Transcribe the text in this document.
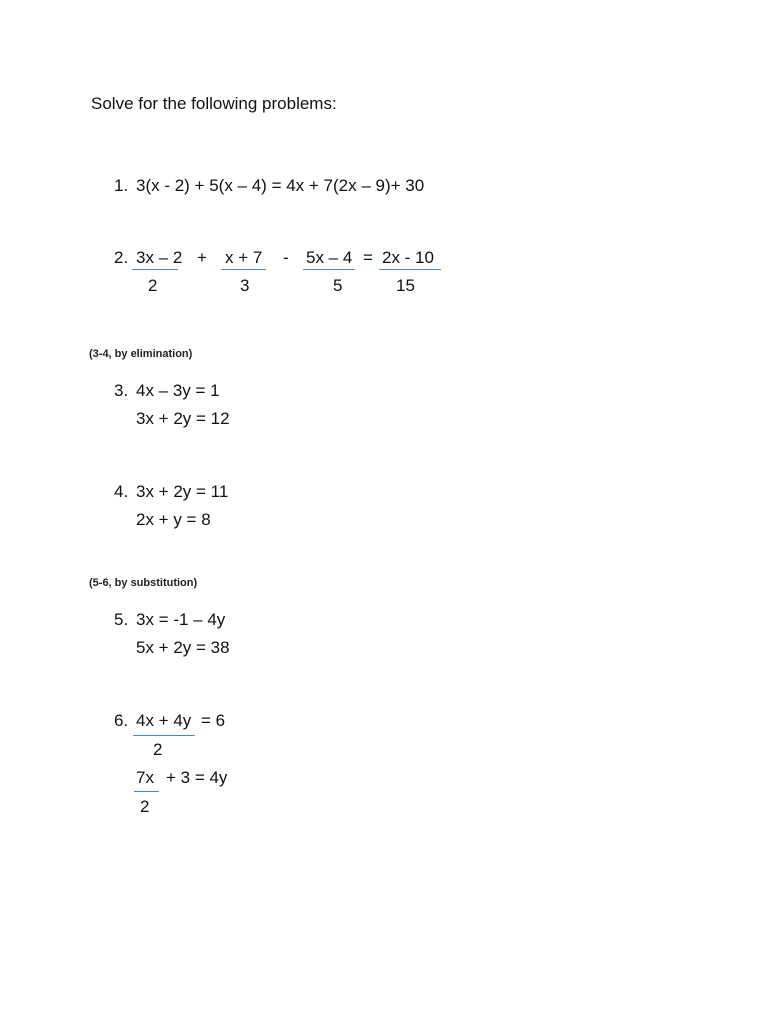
Solve for the following problems:
1. 3(x - 2) + 5(x – 4) = 4x + 7(2x – 9)+ 30
2. 3x – 2
2
+ x + 7
3
- 5x – 4
5
= 2x - 10
15
(3-4, by elimination)
3. 4x – 3y = 1
3x + 2y = 12
4. 3x + 2y = 11
2x + y = 8
(5-6, by substitution)
5. 3x = -1 – 4y
5x + 2y = 38
6. 4x + 4y = 6
2
7x + 3 = 4y
2
